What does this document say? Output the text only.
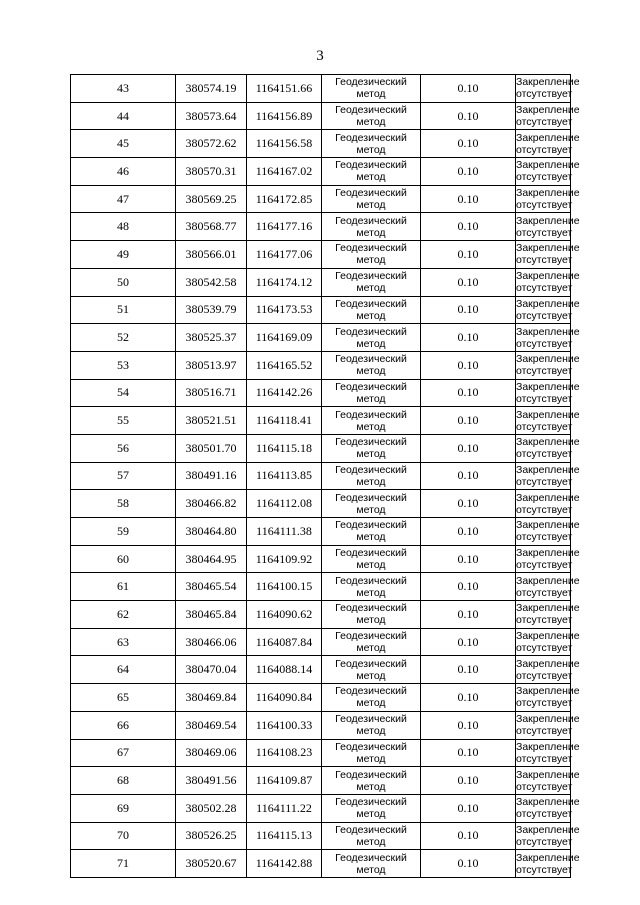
3
43	380574.19	1164151.66	Геодезический
метод	0.10	Закрепление
отсутствует

44	380573.64	1164156.89	Геодезический
метод	0.10	Закрепление
отсутствует

45	380572.62	1164156.58	Геодезический
метод	0.10	Закрепление
отсутствует

46	380570.31	1164167.02	Геодезический
метод	0.10	Закрепление
отсутствует

47	380569.25	1164172.85	Геодезический
метод	0.10	Закрепление
отсутствует

48	380568.77	1164177.16	Геодезический
метод	0.10	Закрепление
отсутствует

49	380566.01	1164177.06	Геодезический
метод	0.10	Закрепление
отсутствует

50	380542.58	1164174.12	Геодезический
метод	0.10	Закрепление
отсутствует

51	380539.79	1164173.53	Геодезический
метод	0.10	Закрепление
отсутствует

52	380525.37	1164169.09	Геодезический
метод	0.10	Закрепление
отсутствует

53	380513.97	1164165.52	Геодезический
метод	0.10	Закрепление
отсутствует

54	380516.71	1164142.26	Геодезический
метод	0.10	Закрепление
отсутствует

55	380521.51	1164118.41	Геодезический
метод	0.10	Закрепление
отсутствует

56	380501.70	1164115.18	Геодезический
метод	0.10	Закрепление
отсутствует

57	380491.16	1164113.85	Геодезический
метод	0.10	Закрепление
отсутствует

58	380466.82	1164112.08	Геодезический
метод	0.10	Закрепление
отсутствует

59	380464.80	1164111.38	Геодезический
метод	0.10	Закрепление
отсутствует

60	380464.95	1164109.92	Геодезический
метод	0.10	Закрепление
отсутствует

61	380465.54	1164100.15	Геодезический
метод	0.10	Закрепление
отсутствует

62	380465.84	1164090.62	Геодезический
метод	0.10	Закрепление
отсутствует

63	380466.06	1164087.84	Геодезический
метод	0.10	Закрепление
отсутствует

64	380470.04	1164088.14	Геодезический
метод	0.10	Закрепление
отсутствует

65	380469.84	1164090.84	Геодезический
метод	0.10	Закрепление
отсутствует

66	380469.54	1164100.33	Геодезический
метод	0.10	Закрепление
отсутствует

67	380469.06	1164108.23	Геодезический
метод	0.10	Закрепление
отсутствует

68	380491.56	1164109.87	Геодезический
метод	0.10	Закрепление
отсутствует

69	380502.28	1164111.22	Геодезический
метод	0.10	Закрепление
отсутствует

70	380526.25	1164115.13	Геодезический
метод	0.10	Закрепление
отсутствует

71	380520.67	1164142.88	Геодезический
метод	0.10	Закрепление
отсутствует
